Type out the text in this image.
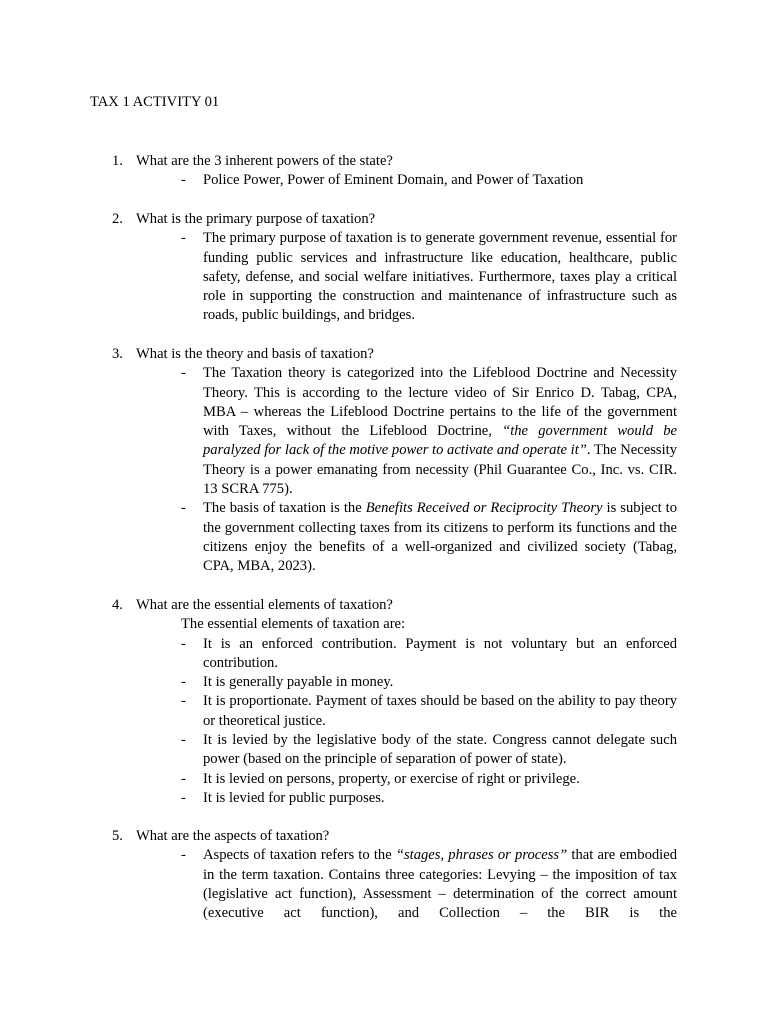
TAX 1 ACTIVITY 01
1. What are the 3 inherent powers of the state?
- Police Power, Power of Eminent Domain, and Power of Taxation
2. What is the primary purpose of taxation?
- The primary purpose of taxation is to generate government revenue, essential for funding public services and infrastructure like education, healthcare, public safety, defense, and social welfare initiatives. Furthermore, taxes play a critical role in supporting the construction and maintenance of infrastructure such as roads, public buildings, and bridges.
3. What is the theory and basis of taxation?
- The Taxation theory is categorized into the Lifeblood Doctrine and Necessity Theory. This is according to the lecture video of Sir Enrico D. Tabag, CPA, MBA – whereas the Lifeblood Doctrine pertains to the life of the government with Taxes, without the Lifeblood Doctrine, “the government would be paralyzed for lack of the motive power to activate and operate it”. The Necessity Theory is a power emanating from necessity (Phil Guarantee Co., Inc. vs. CIR. 13 SCRA 775).
- The basis of taxation is the Benefits Received or Reciprocity Theory is subject to the government collecting taxes from its citizens to perform its functions and the citizens enjoy the benefits of a well-organized and civilized society (Tabag, CPA, MBA, 2023).
4. What are the essential elements of taxation?
The essential elements of taxation are:
- It is an enforced contribution. Payment is not voluntary but an enforced contribution.
- It is generally payable in money.
- It is proportionate. Payment of taxes should be based on the ability to pay theory or theoretical justice.
- It is levied by the legislative body of the state. Congress cannot delegate such power (based on the principle of separation of power of state).
- It is levied on persons, property, or exercise of right or privilege.
- It is levied for public purposes.
5. What are the aspects of taxation?
- Aspects of taxation refers to the “stages, phrases or process” that are embodied in the term taxation. Contains three categories: Levying – the imposition of tax (legislative act function), Assessment – determination of the correct amount (executive act function), and Collection – the BIR is the
